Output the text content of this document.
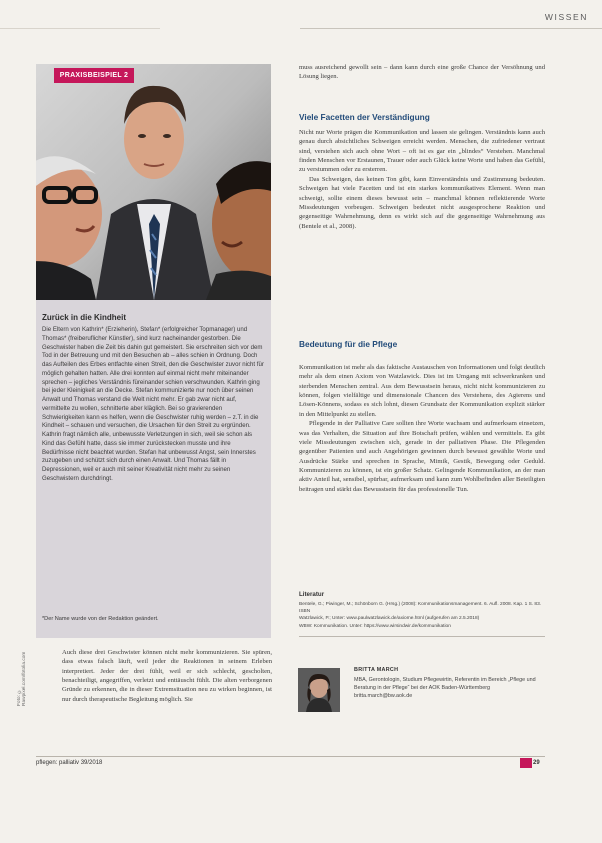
WISSEN
PRAXISBEISPIEL 2
Zurück in die Kindheit
Die Eltern von Kathrin* (Erzieherin), Stefan* (erfolgreicher Topmanager) und Thomas* (freiberuflicher Künstler), sind kurz nacheinander gestorben. Die Geschwister haben die Zeit bis dahin gut gemeistert. Sie erschreiten sich vor dem Tod in der Betreuung und mit den Besuchen ab – alles schien in Ordnung. Doch das Aufteilen des Erbes entfachte einen Streit, den die Geschwister zuvor nicht für möglich gehalten hatten. Alle drei konnten auf einmal nicht mehr miteinander sprechen – jegliches Verständnis füreinander schien verschwunden. Kathrin ging bei jeder Kleinigkeit an die Decke. Stefan kommunizierte nur noch über seinen Anwalt und Thomas verstand die Welt nicht mehr. Er gab zwar nicht auf, vermittelte zu wollen, schnitterte aber kläglich. Bei so gravierenden Schwierigkeiten kann es helfen, wenn die Geschwister ruhig werden – z.T. in die Kindheit – schauen und versuchen, die Ursachen für den Streit zu ergründen. Kathrin fragt nämlich alle, unbewusste Verletzungen in sich, weil sie schon als Kind das Gefühl hatte, dass sie immer zurückstecken musste und ihre Bedürfnisse nicht beachtet wurden. Stefan hat unbewusst Angst, sein Innerstes zuzugeben und schützt sich durch einen Anwalt. Und Thomas fällt in Depressionen, weil er auch mit seiner Kreativität nicht mehr zu seinen Geschwistern durchdringt.
*Der Name wurde von der Redaktion geändert.
Foto: © Rawpixel.com/fotolia.com	Auch diese drei Geschwister können nicht mehr kommunizieren. Sie spüren, dass etwas falsch läuft, weil jeder die Reaktionen in seinem Erleben interpretiert. Jeder der drei fühlt, weil er sich schlecht, gescholten, benachteiligt, angegriffen, verletzt und enttäuscht fühlt. Die alten verborgenen Gründe zu erkennen, die in dieser Extremsituation neu zu wirken beginnen, ist nur durch therapeutische Begleitung möglich. Sie

muss ausreichend gewollt sein – dann kann durch eine große Chance der Versöhnung und Lösung liegen.

Viele Facetten der Verständigung

Nicht nur Worte prägen die Kommunikation und lassen sie gelingen. Verständnis kann auch genau durch absichtliches Schweigen erreicht werden. Menschen, die zufriedener vertraut sind, verstehen sich auch ohne Wort – oft ist es gar ein „blindes“ Verstehen. Manchmal finden Menschen vor Erstaunen, Trauer oder auch Glück keine Worte und haben das Gefühl, zu verstummen oder zu ersterren.

Das Schweigen, das keinen Ton gibt, kann Einverständnis und Zustimmung bedeuten. Schweigen hat viele Facetten und ist ein starkes kommunikatives Element. Wenn man schweigt, sollte einem dieses bewusst sein – manchmal können reflektierende Worte Missdeutungen vorbeugen. Schweigen bedeutet nicht ausgesprochene Reaktion und gegenseitige Wahrnehmung, denn es wirkt sich auf die gegenseitige Wahrnehmung aus (Bentele et al., 2008).

Bedeutung für die Pflege

Kommunikation ist mehr als das faktische Austauschen von Informationen und folgt deutlich mehr als dem einen Axiom von Watzlawick. Dies ist im Umgang mit schwerkranken und sterbenden Menschen zentral. Aus dem Bewusstsein heraus, nicht nicht kommunizieren zu können, folgen vielfältige und dimensionale Chancen des Verstehens, des Agierens und Lösen-Könnens, sodass es sich lohnt, diesen Grundsatz der Kommunikation explizit stärker in den Mittelpunkt zu stellen.

Pflegende in der Palliative Care sollten ihre Worte wachsam und aufmerksam einsetzen, was das Verhalten, die Situation auf ihre Botschaft prüfen, wählen und vermitteln. Es gibt viele Missdeutungen zwischen sich, gerade in der palliativen Phase. Die Pflegenden gegenüber Patienten und auch Angehörigen gewinnen durch bewusst gewählte Worte und Ausdrücke Stärke und sprechen in Sprache, Mimik, Gestik, Bewegung oder Geduld. Kommunizieren zu können, ist ein großer Schatz. Gelingende Kommunikation, an der man aktiv Anteil hat, sensibel, spürbar, aufmerksam und kann zum Wohlbefinden aller Beteiligten beitragen und stärkt das Bewusstsein für das professionelle Tun.

Literatur
Bentele, G.; Piwinger, M.; Schönborn G. (Hrsg.) (2008): Kommunikationsmanagement. 6. Aufl. 2008. Kap. 1 S. 83. ISBN
Watzlawick, P.; Unter: www.paulwatzlawick.de/axiome.html (aufgerufen am 2.5.2018)
WBW: Kommunikation. Unter: https://www.wirsindwir.de/kommunikation
BRITTA MARCH
MBA, Gerontologin, Studium Pflegewirtin, Referentin im Bereich „Pflege und Beratung in der Pflege“ bei der AOK Baden-Württemberg
britta.march@bw.aok.de
pflegen: palliativ 39/2018	29
